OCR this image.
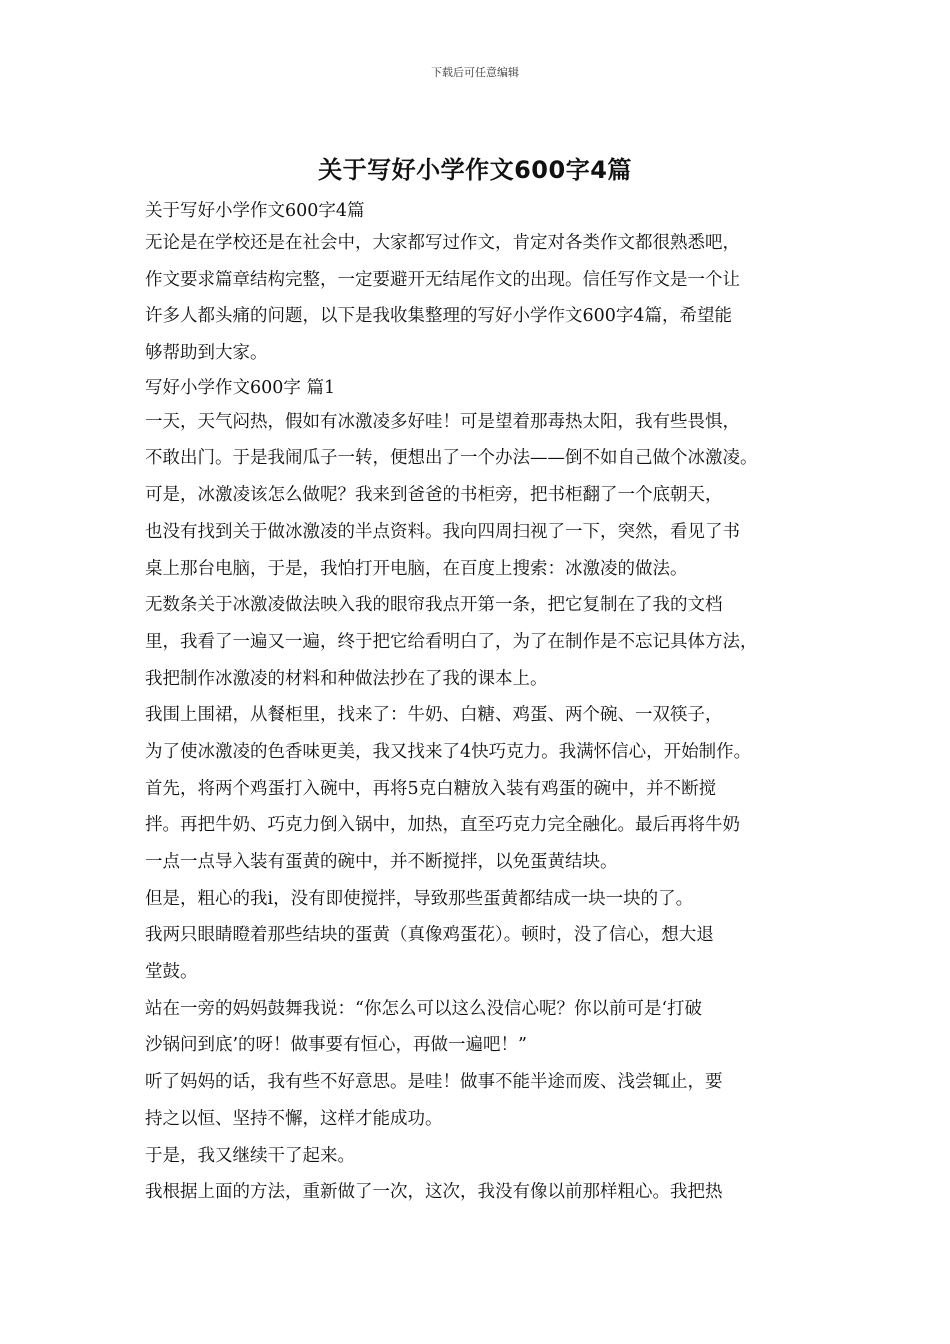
下载后可任意编辑
关于写好小学作文600字4篇
关于写好小学作文600字4篇
无论是在学校还是在社会中，大家都写过作文，肯定对各类作文都很熟悉吧，
作文要求篇章结构完整，一定要避开无结尾作文的出现。信任写作文是一个让
许多人都头痛的问题，以下是我收集整理的写好小学作文600字4篇，希望能
够帮助到大家。
写好小学作文600字 篇1
一天，天气闷热，假如有冰激凌多好哇！可是望着那毒热太阳，我有些畏惧，
不敢出门。于是我闹瓜子一转，便想出了一个办法——倒不如自己做个冰激凌。
可是，冰激凌该怎么做呢？我来到爸爸的书柜旁，把书柜翻了一个底朝天，
也没有找到关于做冰激凌的半点资料。我向四周扫视了一下，突然，看见了书
桌上那台电脑，于是，我怕打开电脑，在百度上搜索：冰激凌的做法。
无数条关于冰激凌做法映入我的眼帘我点开第一条，把它复制在了我的文档
里，我看了一遍又一遍，终于把它给看明白了，为了在制作是不忘记具体方法，
我把制作冰激凌的材料和种做法抄在了我的课本上。
我围上围裙，从餐柜里，找来了：牛奶、白糖、鸡蛋、两个碗、一双筷子，
为了使冰激凌的色香味更美，我又找来了4快巧克力。我满怀信心，开始制作。
首先，将两个鸡蛋打入碗中，再将5克白糖放入装有鸡蛋的碗中，并不断搅
拌。再把牛奶、巧克力倒入锅中，加热，直至巧克力完全融化。最后再将牛奶
一点一点导入装有蛋黄的碗中，并不断搅拌，以免蛋黄结块。
但是，粗心的我i，没有即使搅拌，导致那些蛋黄都结成一块一块的了。
我两只眼睛瞪着那些结块的蛋黄（真像鸡蛋花）。顿时，没了信心，想大退
堂鼓。
站在一旁的妈妈鼓舞我说：“你怎么可以这么没信心呢？你以前可是‘打破
沙锅问到底’的呀！做事要有恒心，再做一遍吧！”
听了妈妈的话，我有些不好意思。是哇！做事不能半途而废、浅尝辄止，要
持之以恒、坚持不懈，这样才能成功。
于是，我又继续干了起来。
我根据上面的方法，重新做了一次，这次，我没有像以前那样粗心。我把热
